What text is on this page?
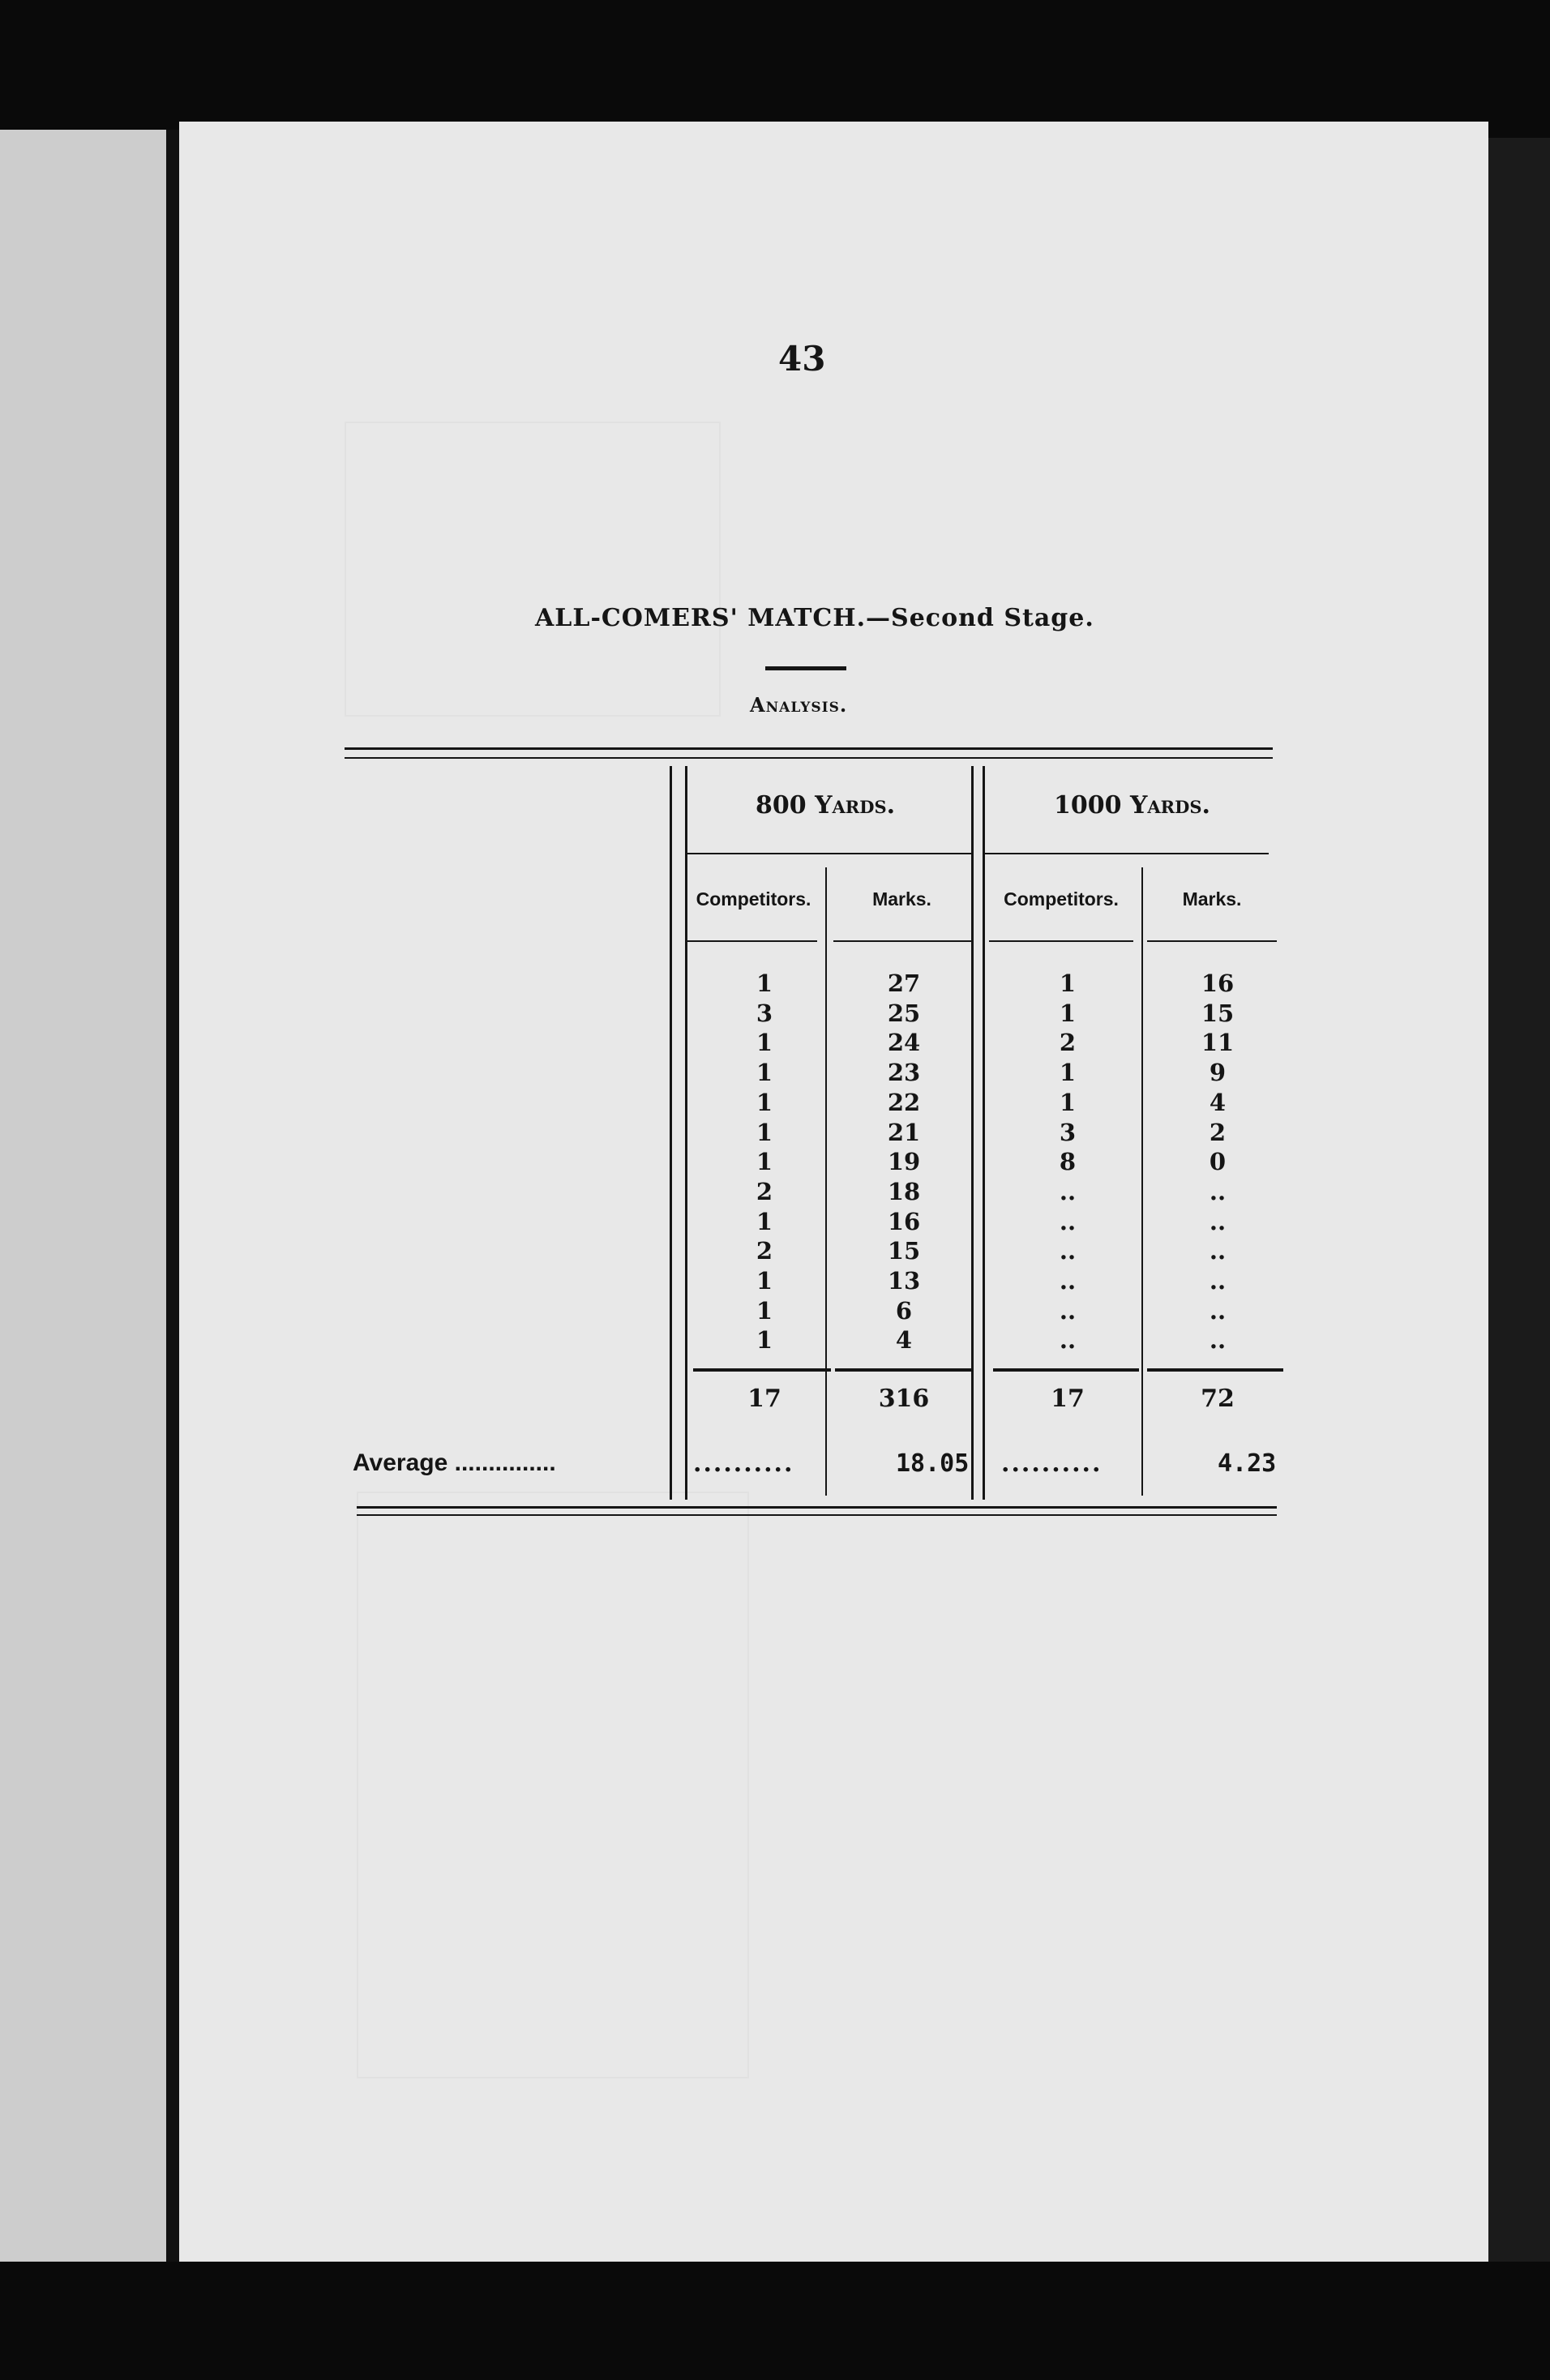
43
ALL-COMERS' MATCH.—Second Stage.
Analysis.
800 Yards.	1000 Yards.
Competitors.	Marks.	Competitors.	Marks.
1	27	1	16
3	25	1	15
1	24	2	11
1	23	1	9
1	22	1	4
1	21	3	2
1	19	8	0
2	18	..	..
1	16	..	..
2	15	..	..
1	13	..	..
1	6	..	..
1	4	..	..
17	316	17	72
Average ...............	..........	18.05 ..........	4.23
